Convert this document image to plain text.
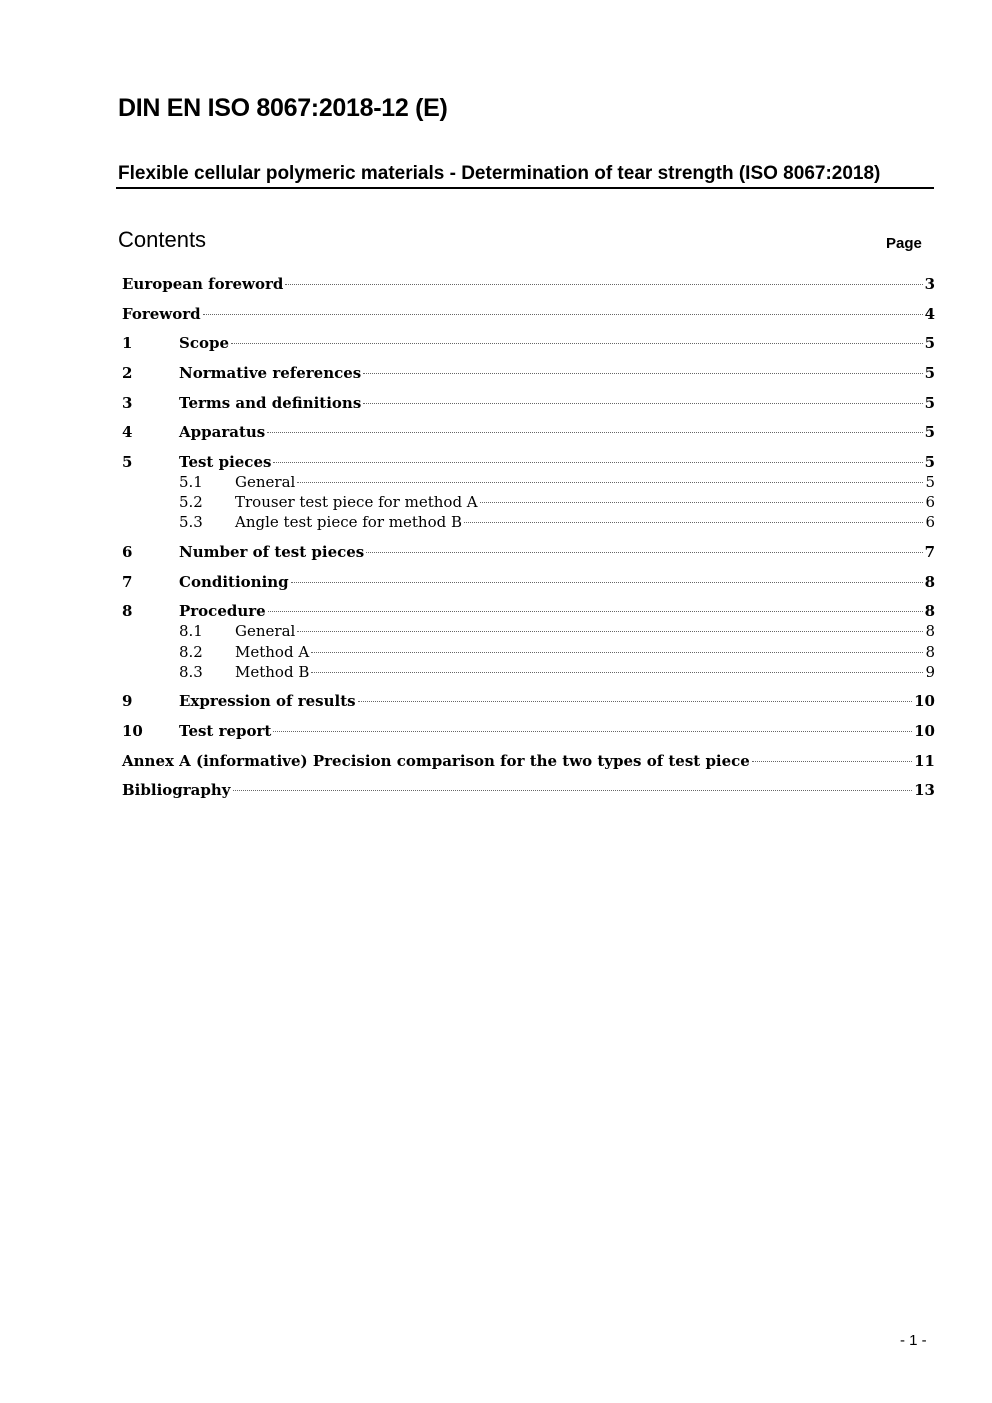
DIN EN ISO 8067:2018-12 (E)
Flexible cellular polymeric materials - Determination of tear strength (ISO 8067:2018)
Contents	Page
European foreword	3
Foreword	4
1	Scope	5
2	Normative references	5
3	Terms and definitions	5
4	Apparatus	5
5	Test pieces	5
5.1	General	5
5.2	Trouser test piece for method A	6
5.3	Angle test piece for method B	6
6	Number of test pieces	7
7	Conditioning	8
8	Procedure	8
8.1	General	8
8.2	Method A	8
8.3	Method B	9
9	Expression of results	10
10	Test report	10
Annex A (informative) Precision comparison for the two types of test piece	11
Bibliography	13
- 1 -
